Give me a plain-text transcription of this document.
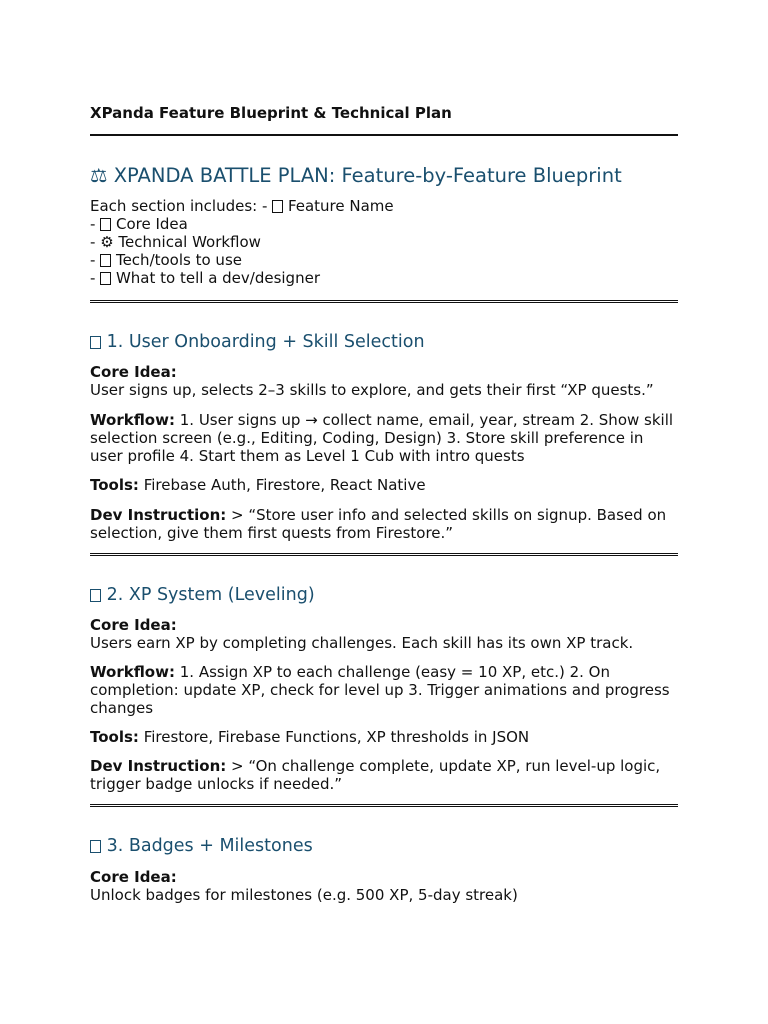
XPanda Feature Blueprint & Technical Plan

⚖ XPANDA BATTLE PLAN: Feature-by-Feature Blueprint
Each section includes: -  Feature Name
-  Core Idea
- ⚙ Technical Workflow
-  Tech/tools to use
-  What to tell a dev/designer
1. User Onboarding + Skill Selection

Core Idea:

User signs up, selects 2–3 skills to explore, and gets their first “XP quests.”

Workflow: 1. User signs up → collect name, email, year, stream 2. Show skill selection screen (e.g., Editing, Coding, Design) 3. Store skill preference in user profile 4. Start them as Level 1 Cub with intro quests

Tools: Firebase Auth, Firestore, React Native

Dev Instruction: > “Store user info and selected skills on signup. Based on selection, give them first quests from Firestore.”

2. XP System (Leveling)

Core Idea:

Users earn XP by completing challenges. Each skill has its own XP track.

Workflow: 1. Assign XP to each challenge (easy = 10 XP, etc.) 2. On completion: update XP, check for level up 3. Trigger animations and progress changes

Tools: Firestore, Firebase Functions, XP thresholds in JSON

Dev Instruction: > “On challenge complete, update XP, run level-up logic, trigger badge unlocks if needed.”

3. Badges + Milestones

Core Idea:

Unlock badges for milestones (e.g. 500 XP, 5-day streak)
